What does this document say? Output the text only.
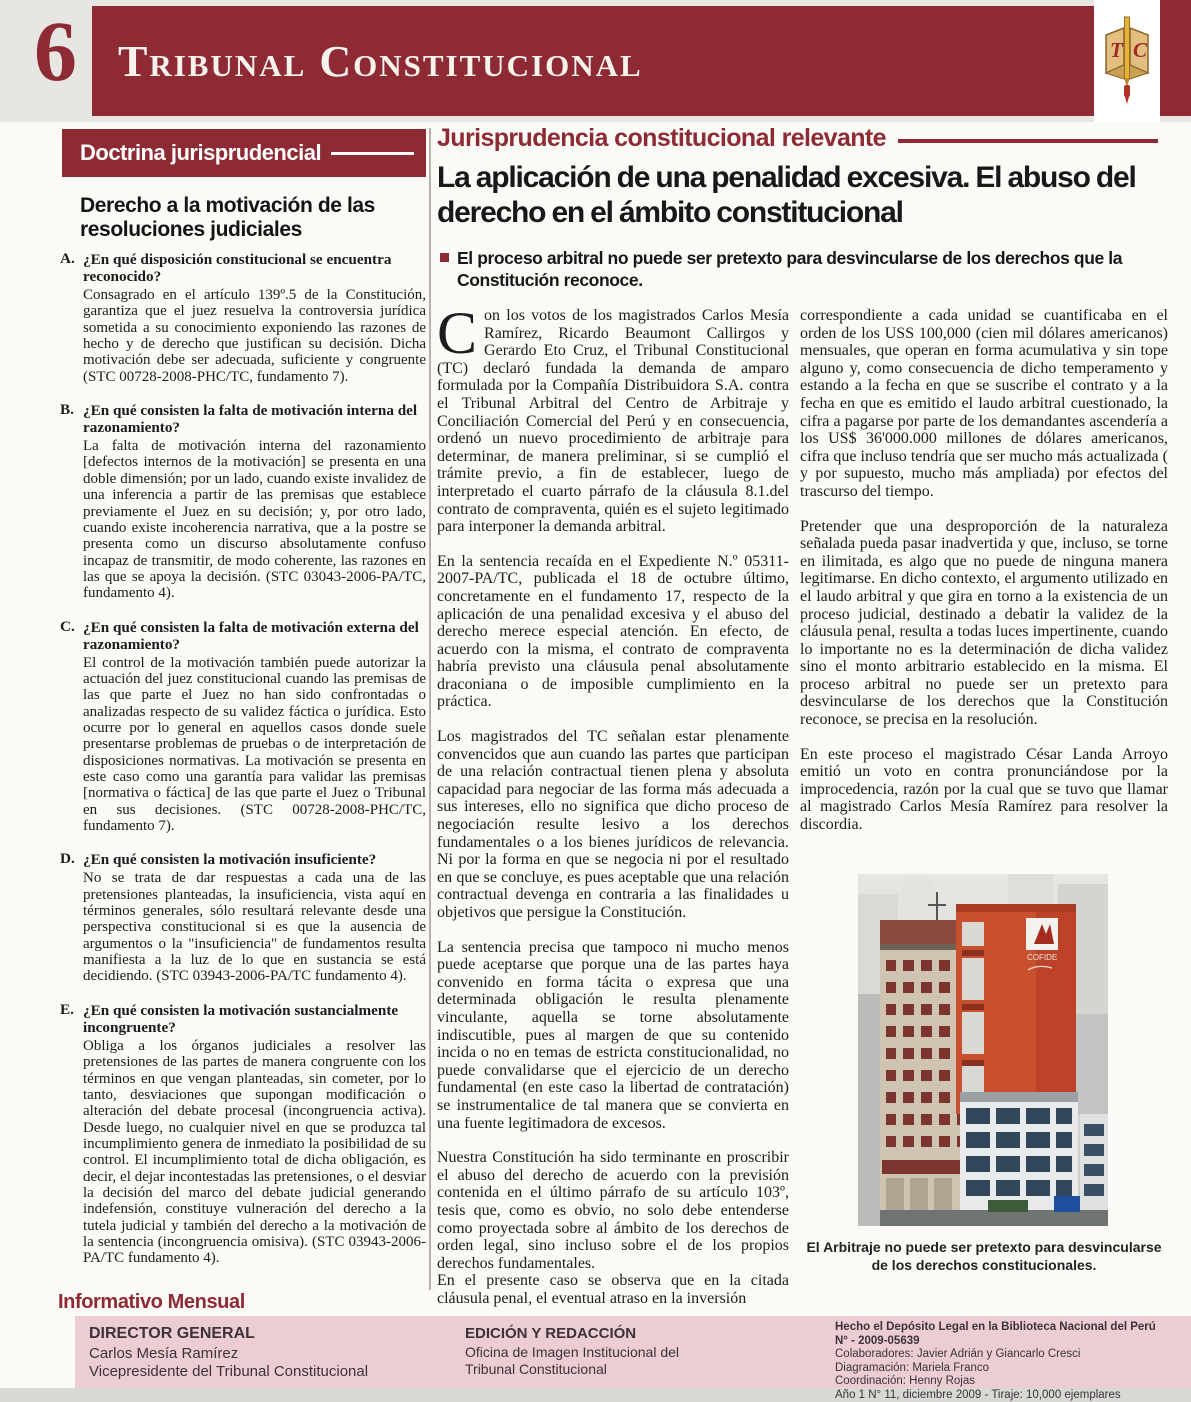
6 Tribunal Constitucional	T C
Doctrina jurisprudencial
Derecho a la motivación de las resoluciones judiciales
A. ¿En qué disposición constitucional se encuentra reconocido?
Consagrado en el artículo 139º.5 de la Constitución, garantiza que el juez resuelva la controversia jurídica sometida a su conocimiento exponiendo las razones de hecho y de derecho que justifican su decisión. Dicha motivación debe ser adecuada, suficiente y congruente (STC 00728-2008-PHC/TC, fundamento 7).
B. ¿En qué consisten la falta de motivación interna del razonamiento?
La falta de motivación interna del razonamiento [defectos internos de la motivación] se presenta en una doble dimensión; por un lado, cuando existe invalidez de una inferencia a partir de las premisas que establece previamente el Juez en su decisión; y, por otro lado, cuando existe incoherencia narrativa, que a la postre se presenta como un discurso absolutamente confuso incapaz de transmitir, de modo coherente, las razones en las que se apoya la decisión. (STC 03043-2006-PA/TC, fundamento 4).
C. ¿En qué consisten la falta de motivación externa del razonamiento?
El control de la motivación también puede autorizar la actuación del juez constitucional cuando las premisas de las que parte el Juez no han sido confrontadas o analizadas respecto de su validez fáctica o jurídica. Esto ocurre por lo general en aquellos casos donde suele presentarse problemas de pruebas o de interpretación de disposiciones normativas. La motivación se presenta en este caso como una garantía para validar las premisas [normativa o fáctica] de las que parte el Juez o Tribunal en sus decisiones. (STC 00728-2008-PHC/TC, fundamento 7).
D. ¿En qué consisten la motivación insuficiente?
No se trata de dar respuestas a cada una de las pretensiones planteadas, la insuficiencia, vista aquí en términos generales, sólo resultará relevante desde una perspectiva constitucional si es que la ausencia de argumentos o la "insuficiencia" de fundamentos resulta manifiesta a la luz de lo que en sustancia se está decidiendo. (STC 03943-2006-PA/TC fundamento 4).
E. ¿En qué consisten la motivación sustancialmente incongruente?
Obliga a los órganos judiciales a resolver las pretensiones de las partes de manera congruente con los términos en que vengan planteadas, sin cometer, por lo tanto, desviaciones que supongan modificación o alteración del debate procesal (incongruencia activa). Desde luego, no cualquier nivel en que se produzca tal incumplimiento genera de inmediato la posibilidad de su control. El incumplimiento total de dicha obligación, es decir, el dejar incontestadas las pretensiones, o el desviar la decisión del marco del debate judicial generando indefensión, constituye vulneración del derecho a la tutela judicial y también del derecho a la motivación de la sentencia (incongruencia omisiva). (STC 03943-2006-PA/TC fundamento 4).
Jurisprudencia constitucional relevante
La aplicación de una penalidad excesiva. El abuso del derecho en el ámbito constitucional
El proceso arbitral no puede ser pretexto para desvincularse de los derechos que la Constitución reconoce.

Con los votos de los magistrados Carlos Mesía Ramírez, Ricardo Beaumont Callirgos y Gerardo Eto Cruz, el Tribunal Constitucional (TC) declaró fundada la demanda de amparo formulada por la Compañía Distribuidora S.A. contra el Tribunal Arbitral del Centro de Arbitraje y Conciliación Comercial del Perú y en consecuencia, ordenó un nuevo procedimiento de arbitraje para determinar, de manera preliminar, si se cumplió el trámite previo, a fin de establecer, luego de interpretado el cuarto párrafo de la cláusula 8.1.del contrato de compraventa, quién es el sujeto legitimado para interponer la demanda arbitral.

En la sentencia recaída en el Expediente N.º 05311-2007-PA/TC, publicada el 18 de octubre último, concretamente en el fundamento 17, respecto de la aplicación de una penalidad excesiva y el abuso del derecho merece especial atención. En efecto, de acuerdo con la misma, el contrato de compraventa habría previsto una cláusula penal absolutamente draconiana o de imposible cumplimiento en la práctica.

Los magistrados del TC señalan estar plenamente convencidos que aun cuando las partes que participan de una relación contractual tienen plena y absoluta capacidad para negociar de las forma más adecuada a sus intereses, ello no significa que dicho proceso de negociación resulte lesivo a los derechos fundamentales o a los bienes jurídicos de relevancia. Ni por la forma en que se negocia ni por el resultado en que se concluye, es pues aceptable que una relación contractual devenga en contraria a las finalidades u objetivos que persigue la Constitución.

La sentencia precisa que tampoco ni mucho menos puede aceptarse que porque una de las partes haya convenido en forma tácita o expresa que una determinada obligación le resulta plenamente vinculante, aquella se torne absolutamente indiscutible, pues al margen de que su contenido incida o no en temas de estricta constitucionalidad, no puede convalidarse que el ejercicio de un derecho fundamental (en este caso la libertad de contratación) se instrumentalice de tal manera que se convierta en una fuente legitimadora de excesos.

Nuestra Constitución ha sido terminante en proscribir el abuso del derecho de acuerdo con la previsión contenida en el último párrafo de su artículo 103º, tesis que, como es obvio, no solo debe entenderse como proyectada sobre al ámbito de los derechos de orden legal, sino incluso sobre el de los propios derechos fundamentales.

En el presente caso se observa que en la citada cláusula penal, el eventual atraso en la inversión

correspondiente a cada unidad se cuantificaba en el orden de los USS 100,000 (cien mil dólares americanos) mensuales, que operan en forma acumulativa y sin tope alguno y, como consecuencia de dicho temperamento y estando a la fecha en que se suscribe el contrato y a la fecha en que es emitido el laudo arbitral cuestionado, la cifra a pagarse por parte de los demandantes ascendería a los US$ 36'000.000 millones de dólares americanos, cifra que incluso tendría que ser mucho más actualizada ( y por supuesto, mucho más ampliada) por efectos del trascurso del tiempo.

Pretender que una desproporción de la naturaleza señalada pueda pasar inadvertida y que, incluso, se torne en ilimitada, es algo que no puede de ninguna manera legitimarse. En dicho contexto, el argumento utilizado en el laudo arbitral y que gira en torno a la existencia de un proceso judicial, destinado a debatir la validez de la cláusula penal, resulta a todas luces impertinente, cuando lo importante no es la determinación de dicha validez sino el monto arbitrario establecido en la misma. El proceso arbitral no puede ser un pretexto para desvincularse de los derechos que la Constitución reconoce, se precisa en la resolución.

En este proceso el magistrado César Landa Arroyo emitió un voto en contra pronunciándose por la improcedencia, razón por la cual que se tuvo que llamar al magistrado Carlos Mesía Ramírez para resolver la discordia.

COFIDE
El Arbitraje no puede ser pretexto para desvincularse de los derechos constitucionales.
Informativo Mensual
DIRECTOR GENERAL
Carlos Mesía Ramírez
Vicepresidente del Tribunal Constitucional
EDICIÓN Y REDACCIÓN
Oficina de Imagen Institucional del
Tribunal Constitucional
Hecho el Depósito Legal en la Biblioteca Nacional del Perú
N° - 2009-05639
Colaboradores: Javier Adrián y Giancarlo Cresci
Diagramación: Mariela Franco
Coordinación: Henny Rojas
Año 1 N° 11, diciembre 2009 - Tiraje: 10,000 ejemplares
